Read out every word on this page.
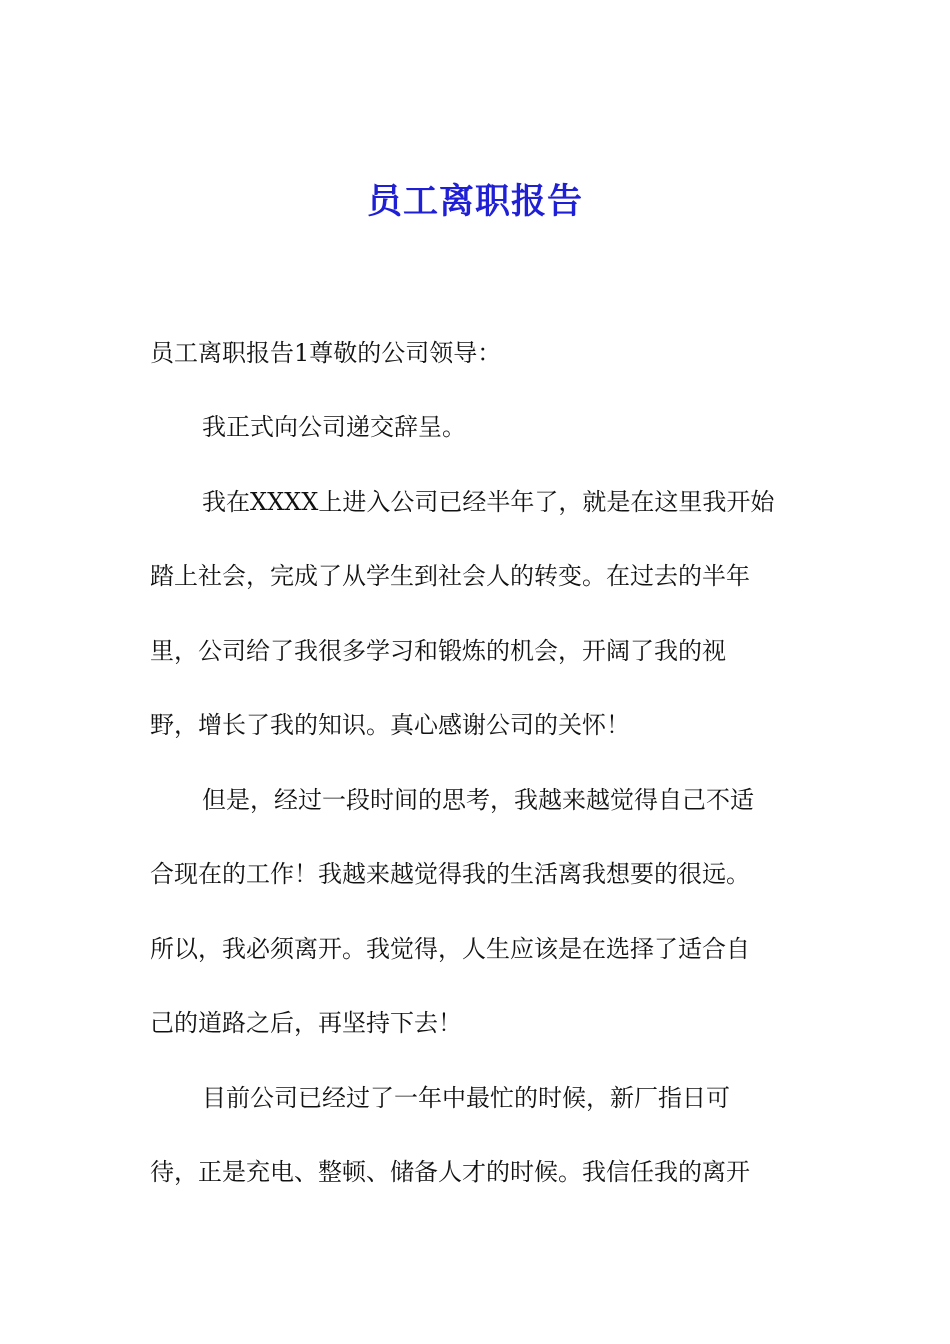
员工离职报告
员工离职报告1尊敬的公司领导：
我正式向公司递交辞呈。
我在XXXX上进入公司已经半年了，就是在这里我开始
踏上社会，完成了从学生到社会人的转变。在过去的半年
里，公司给了我很多学习和锻炼的机会，开阔了我的视
野，增长了我的知识。真心感谢公司的关怀！
但是，经过一段时间的思考，我越来越觉得自己不适
合现在的工作！我越来越觉得我的生活离我想要的很远。
所以，我必须离开。我觉得，人生应该是在选择了适合自
己的道路之后，再坚持下去！
目前公司已经过了一年中最忙的时候，新厂指日可
待，正是充电、整顿、储备人才的时候。我信任我的离开
